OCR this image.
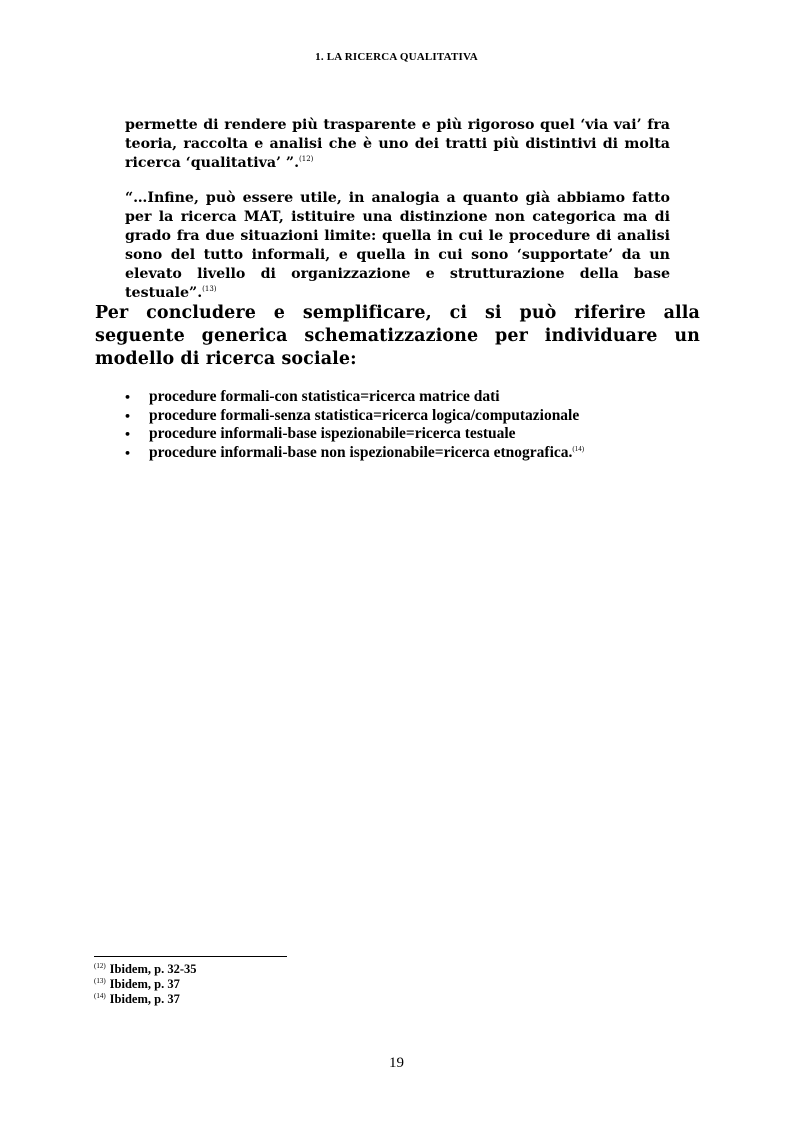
1. LA RICERCA QUALITATIVA

permette di rendere più trasparente e più rigoroso quel ‘via vai’ fra teoria, raccolta e analisi che è uno dei tratti più distintivi di molta ricerca ‘qualitativa’ ”.$^{(12)}$

“…Infine, può essere utile, in analogia a quanto già abbiamo fatto per la ricerca MAT, istituire una distinzione non categorica ma di grado fra due situazioni limite: quella in cui le procedure di analisi sono del tutto informali, e quella in cui sono ‘supportate’ da un elevato livello di organizzazione e strutturazione della base testuale”.$^{(13)}$

Per concludere e semplificare, ci si può riferire alla seguente generica schematizzazione per individuare un modello di ricerca sociale:

• procedure formali-con statistica=ricerca matrice dati
• procedure formali-senza statistica=ricerca logica/computazionale
• procedure informali-base ispezionabile=ricerca testuale
• procedure informali-base non ispezionabile=ricerca etnografica.$^{(14)}$
$^{(12)}$ Ibidem, p. 32-35
$^{(13)}$ Ibidem, p. 37
$^{(14)}$ Ibidem, p. 37
19
